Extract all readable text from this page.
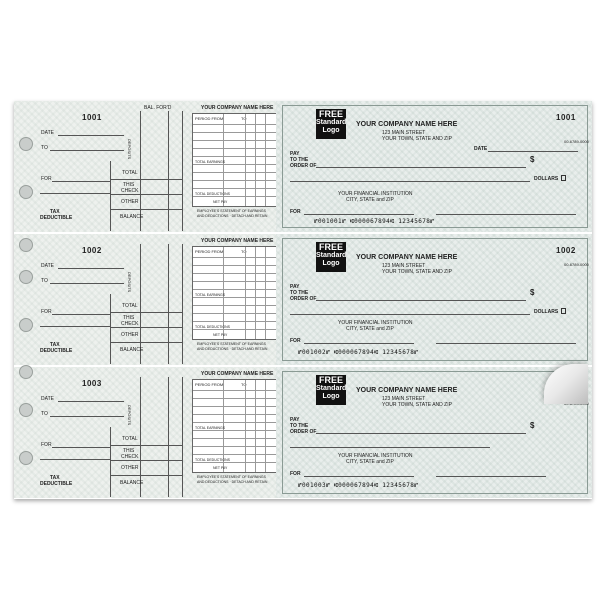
1001
BAL. FOR'D
DATE
TO
FOR
TAX
DEDUCTIBLE
TOTAL
THIS
CHECK
OTHER
BALANCE
DEPOSITS
YOUR COMPANY NAME HERE
PERIOD FROM	TO
TOTAL EARNINGS
TOTAL DEDUCTIONS
NET PAY
EMPLOYEE'S STATEMENT OF EARNINGS
AND DEDUCTIONS · DETACH AND RETAIN
FREE
Standard
Logo
YOUR COMPANY NAME HERE
123 MAIN STREET
YOUR TOWN, STATE AND ZIP
1001
00-6789-0000
DATE
PAY
TO THE
ORDER OF
$
DOLLARS
YOUR FINANCIAL INSTITUTION
CITY, STATE and ZIP
FOR
⑈001001⑈ ⑆000067894⑆ 12345678⑈
1002
DATE
TO
FOR
TAX
DEDUCTIBLE
TOTAL
THIS
CHECK
OTHER
BALANCE
DEPOSITS
YOUR COMPANY NAME HERE
PERIOD FROM	TO
TOTAL EARNINGS
TOTAL DEDUCTIONS
NET PAY
EMPLOYEE'S STATEMENT OF EARNINGS
AND DEDUCTIONS · DETACH AND RETAIN
FREE
Standard
Logo
YOUR COMPANY NAME HERE
123 MAIN STREET
YOUR TOWN, STATE AND ZIP
1002
00-6789-0000
PAY
TO THE
ORDER OF
$
DOLLARS
YOUR FINANCIAL INSTITUTION
CITY, STATE and ZIP
FOR
⑈001002⑈ ⑆000067894⑆ 12345678⑈
1003
DATE
TO
FOR
TAX
DEDUCTIBLE
TOTAL
THIS
CHECK
OTHER
BALANCE
DEPOSITS
YOUR COMPANY NAME HERE
PERIOD FROM	TO
TOTAL EARNINGS
TOTAL DEDUCTIONS
NET PAY
EMPLOYEE'S STATEMENT OF EARNINGS
AND DEDUCTIONS · DETACH AND RETAIN
FREE
Standard
Logo
YOUR COMPANY NAME HERE
123 MAIN STREET
YOUR TOWN, STATE AND ZIP
PAY
TO THE
ORDER OF
$
YOUR FINANCIAL INSTITUTION
CITY, STATE and ZIP
FOR
⑈001003⑈ ⑆000067894⑆ 12345678⑈
